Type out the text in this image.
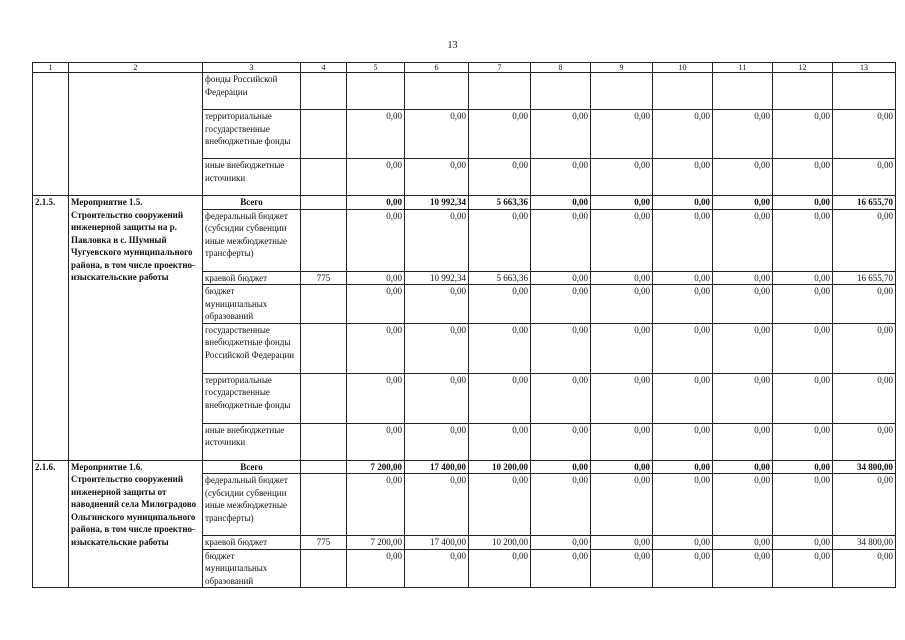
13
1	2	3	4	5	6	7	8	9	10	11	12	13
		фонды Российской Федерации										
		территориальные государственные внебюджетные фонды		0,00	0,00	0,00	0,00	0,00	0,00	0,00	0,00	0,00
		иные внебюджетные источники		0,00	0,00	0,00	0,00	0,00	0,00	0,00	0,00	0,00
2.1.5.	Мероприятие 1.5. Строительство сооружений инженерной защиты на р. Павловка в с. Шумный Чугуевского муниципального района, в том числе проектно-изыскательские работы	Всего		0,00	10 992,34	5 663,36	0,00	0,00	0,00	0,00	0,00	16 655,70
		федеральный бюджет (субсидии субвенции иные межбюджетные трансферты)		0,00	0,00	0,00	0,00	0,00	0,00	0,00	0,00	0,00
		краевой бюджет	775	0,00	10 992,34	5 663,36	0,00	0,00	0,00	0,00	0,00	16 655,70
		бюджет муниципальных образований		0,00	0,00	0,00	0,00	0,00	0,00	0,00	0,00	0,00
		государственные внебюджетные фонды Российской Федерации		0,00	0,00	0,00	0,00	0,00	0,00	0,00	0,00	0,00
		территориальные государственные внебюджетные фонды		0,00	0,00	0,00	0,00	0,00	0,00	0,00	0,00	0,00
		иные внебюджетные источники		0,00	0,00	0,00	0,00	0,00	0,00	0,00	0,00	0,00
2.1.6.	Мероприятие 1.6. Строительство сооружений инженерной защиты от наводнений села Милоградово Ольгинского муниципального района, в том числе проектно-изыскательские работы	Всего		7 200,00	17 400,00	10 200,00	0,00	0,00	0,00	0,00	0,00	34 800,00
		федеральный бюджет (субсидии субвенции иные межбюджетные трансферты)		0,00	0,00	0,00	0,00	0,00	0,00	0,00	0,00	0,00
		краевой бюджет	775	7 200,00	17 400,00	10 200,00	0,00	0,00	0,00	0,00	0,00	34 800,00
		бюджет муниципальных образований		0,00	0,00	0,00	0,00	0,00	0,00	0,00	0,00	0,00
